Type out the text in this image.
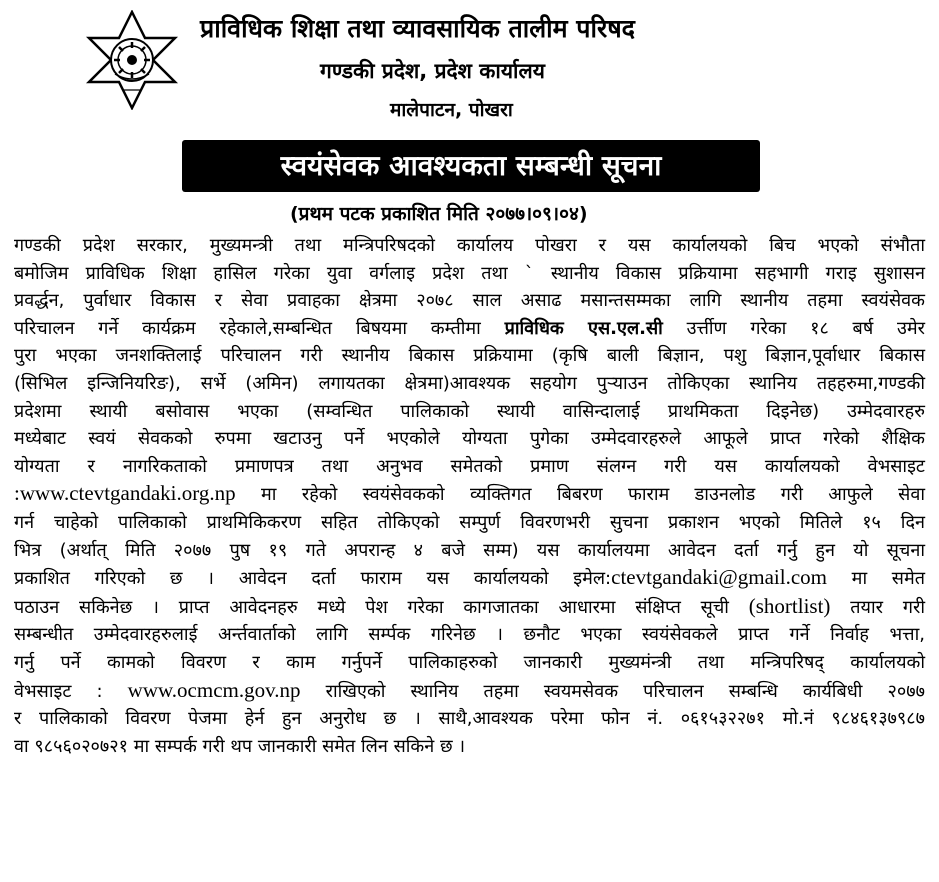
प्राविधिक शिक्षा तथा व्यावसायिक तालीम परिषद
गण्डकी प्रदेश, प्रदेश कार्यालय
मालेपाटन, पोखरा
स्वयंसेवक आवश्यकता सम्बन्धी सूचना
(प्रथम पटक प्रकाशित मिति २०७७।०९।०४)
गण्डकी प्रदेश सरकार, मुख्यमन्त्री तथा मन्त्रिपरिषदको कार्यालय पोखरा र यस कार्यालयको बिच भएको संभौता
बमोजिम प्राविधिक शिक्षा हासिल गरेका युवा वर्गलाइ प्रदेश तथा ` स्थानीय विकास प्रक्रियामा सहभागी गराइ सुशासन
प्रवर्द्धन, पुर्वाधार विकास र सेवा प्रवाहका क्षेत्रमा २०७८ साल असाढ मसान्तसम्मका लागि स्थानीय तहमा स्वयंसेवक
परिचालन गर्ने कार्यक्रम रहेकाले,सम्बन्धित बिषयमा कम्तीमा प्राविधिक एस.एल.सी उर्त्तीण गरेका १८ बर्ष उमेर
पुरा भएका जनशक्तिलाई परिचालन गरी स्थानीय बिकास प्रक्रियामा (कृषि बाली बिज्ञान, पशु बिज्ञान,पूर्वाधार बिकास
(सिभिल इन्जिनियरिङ), सर्भे (अमिन) लगायतका क्षेत्रमा)आवश्यक सहयोग पुऱ्याउन तोकिएका स्थानिय तहहरुमा,गण्डकी
प्रदेशमा स्थायी बसोवास भएका (सम्वन्धित पालिकाको स्थायी वासिन्दालाई प्राथमिकता दिइनेछ) उम्मेदवारहरु
मध्येबाट स्वयं सेवकको रुपमा खटाउनु पर्ने भएकोले योग्यता पुगेका उम्मेदवारहरुले आफूले प्राप्त गरेको शैक्षिक
योग्यता र नागरिकताको प्रमाणपत्र तथा अनुभव समेतको प्रमाण संलग्न गरी यस कार्यालयको वेभसाइट
:www.ctevtgandaki.org.np मा रहेको स्वयंसेवकको व्यक्तिगत बिबरण फाराम डाउनलोड गरी आफुले सेवा
गर्न चाहेको पालिकाको प्राथमिकिकरण सहित तोकिएको सम्पुर्ण विवरणभरी सुचना प्रकाशन भएको मितिले १५ दिन
भित्र (अर्थात् मिति २०७७ पुष १९ गते अपरान्ह ४ बजे सम्म) यस कार्यालयमा आवेदन दर्ता गर्नु हुन यो सूचना
प्रकाशित गरिएको छ । आवेदन दर्ता फाराम यस कार्यालयको इमेल:ctevtgandaki@gmail.com मा समेत
पठाउन सकिनेछ । प्राप्त आवेदनहरु मध्ये पेश गरेका कागजातका आधारमा संक्षिप्त सूची (shortlist) तयार गरी
सम्बन्धीत उम्मेदवारहरुलाई अर्न्तवार्ताको लागि सर्म्पक गरिनेछ । छनौट भएका स्वयंसेवकले प्राप्त गर्ने निर्वाह भत्ता,
गर्नु पर्ने कामको विवरण र काम गर्नुपर्ने पालिकाहरुको जानकारी मुख्यमंन्त्री तथा मन्त्रिपरिषद् कार्यालयको
वेभसाइट : www.ocmcm.gov.np राखिएको स्थानिय तहमा स्वयमसेवक परिचालन सम्बन्धि कार्यबिधी २०७७
र पालिकाको विवरण पेजमा हेर्न हुन अनुरोध छ । साथै,आवश्यक परेमा फोन नं. ०६१५३२२७१ मो.नं ९८४६१३७९८७
वा ९८५६०२०७२१ मा सम्पर्क गरी थप जानकारी समेत लिन सकिने छ ।
